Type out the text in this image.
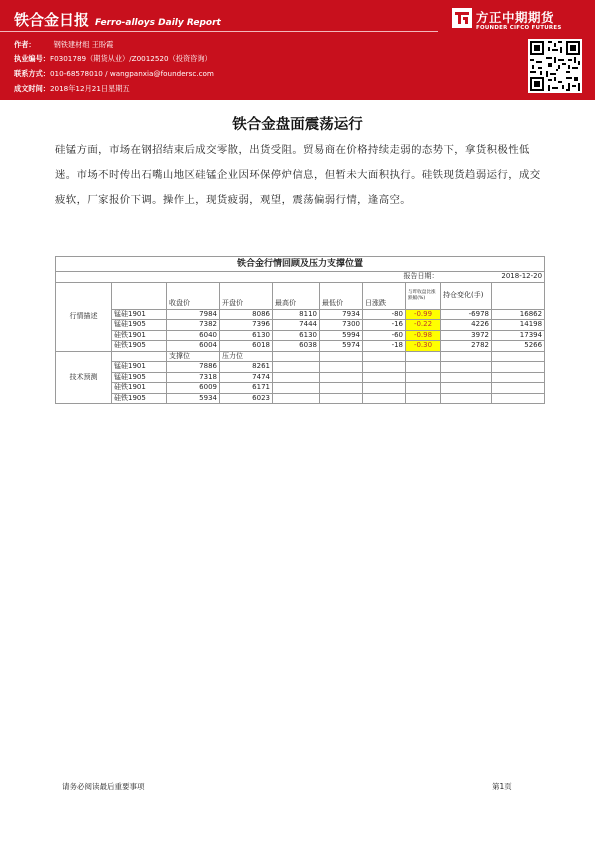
铁合金日报 Ferro-alloys Daily Report
作者：	钢铁建材组 王盼霞
执业编号：F0301789（期货从业）/Z0012520（投资咨询）
联系方式：010-68578010 / wangpanxia@foundersc.com
成文时间：2018年12月21日星期五
方正中期期货
FOUNDER CIFCO FUTURES
铁合金盘面震荡运行
硅锰方面，市场在钢招结束后成交零散，出货受阻。贸易商在价格持续走弱的态势下，拿货积极性低迷。市场不时传出石嘴山地区硅锰企业因环保停炉信息，但暂未大面积执行。硅铁现货趋弱运行，成交疲软，厂家报价下调。操作上，现货疲弱，观望，震荡偏弱行情，逢高空。
铁合金行情回顾及压力支撑位置									
报告日期：								2018-12-20	
行情描述		收盘价	开盘价	最高价	最低价	日涨跌	与昨收盘比涨跌幅(%)	持仓变化(手)	
	锰硅1901	7984	8086	8110	7934	-80	-0.99	-6978	16862
	锰硅1905	7382	7396	7444	7300	-16	-0.22	4226	14198
	硅铁1901	6040	6130	6130	5994	-60	-0.98	3972	17394
	硅铁1905	6004	6018	6038	5974	-18	-0.30	2782	5266
技术预测		支撑位	压力位						
	锰硅1901	7886	8261						
	锰硅1905	7318	7474						
	硅铁1901	6009	6171						
	硅铁1905	5934	6023						
请务必阅读最后重要事项	第1页
